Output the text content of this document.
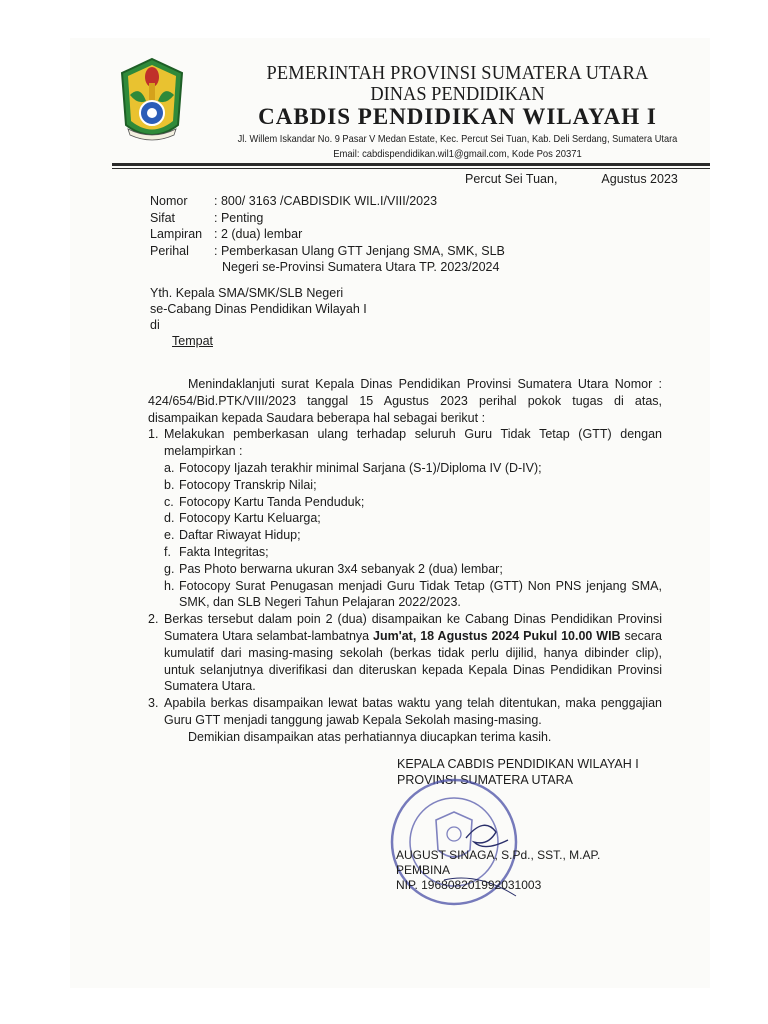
PEMERINTAH PROVINSI SUMATERA UTARA
DINAS PENDIDIKAN
CABDIS PENDIDIKAN WILAYAH I
Jl. Willem Iskandar No. 9 Pasar V Medan Estate, Kec. Percut Sei Tuan, Kab. Deli Serdang, Sumatera Utara
Email: cabdispendidikan.wil1@gmail.com, Kode Pos 20371
Percut Sei Tuan,	Agustus 2023
Nomor	: 800/ 3163 /CABDISDIK WIL.I/VIII/2023
Sifat	: Penting
Lampiran : 2 (dua) lembar
Perihal	: Pemberkasan Ulang GTT Jenjang SMA, SMK, SLB
Negeri se-Provinsi Sumatera Utara TP. 2023/2024
Yth. Kepala SMA/SMK/SLB Negeri
se-Cabang Dinas Pendidikan Wilayah I
di
Tempat

Menindaklanjuti surat Kepala Dinas Pendidikan Provinsi Sumatera Utara Nomor : 424/654/Bid.PTK/VIII/2023 tanggal 15 Agustus 2023 perihal pokok tugas di atas, disampaikan kepada Saudara beberapa hal sebagai berikut :

1. Melakukan pemberkasan ulang terhadap seluruh Guru Tidak Tetap (GTT) dengan melampirkan :
a. Fotocopy Ijazah terakhir minimal Sarjana (S-1)/Diploma IV (D-IV);
b. Fotocopy Transkrip Nilai;
c. Fotocopy Kartu Tanda Penduduk;
d. Fotocopy Kartu Keluarga;
e. Daftar Riwayat Hidup;
f. Fakta Integritas;
g. Pas Photo berwarna ukuran 3x4 sebanyak 2 (dua) lembar;
h. Fotocopy Surat Penugasan menjadi Guru Tidak Tetap (GTT) Non PNS jenjang SMA, SMK, dan SLB Negeri Tahun Pelajaran 2022/2023.
2. Berkas tersebut dalam poin 2 (dua) disampaikan ke Cabang Dinas Pendidikan Provinsi Sumatera Utara selambat-lambatnya Jum'at, 18 Agustus 2024 Pukul 10.00 WIB secara kumulatif dari masing-masing sekolah (berkas tidak perlu dijilid, hanya dibinder clip), untuk selanjutnya diverifikasi dan diteruskan kepada Kepala Dinas Pendidikan Provinsi Sumatera Utara.
3. Apabila berkas disampaikan lewat batas waktu yang telah ditentukan, maka penggajian Guru GTT menjadi tanggung jawab Kepala Sekolah masing-masing.

Demikian disampaikan atas perhatiannya diucapkan terima kasih.

KEPALA CABDIS PENDIDIKAN WILAYAH I
PROVINSI SUMATERA UTARA
AUGUST SINAGA, S.Pd., SST., M.AP.
PEMBINA
NIP. 196808201992031003
